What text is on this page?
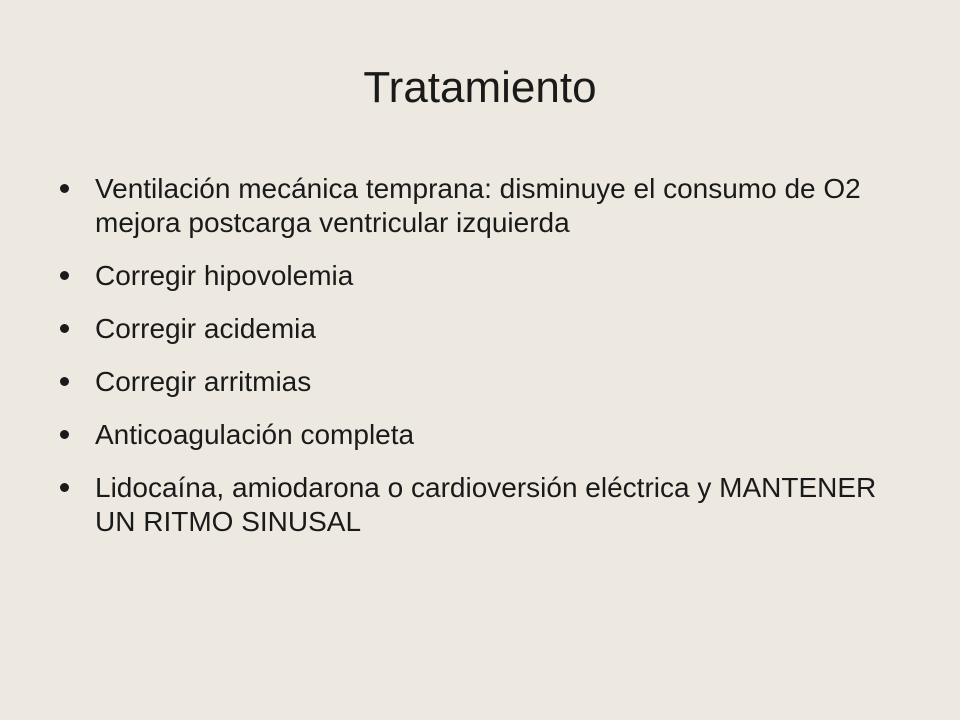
Tratamiento
Ventilación mecánica temprana: disminuye el consumo de O2 mejora postcarga ventricular izquierda
Corregir hipovolemia
Corregir acidemia
Corregir arritmias
Anticoagulación completa
Lidocaína, amiodarona o cardioversión eléctrica y MANTENER UN RITMO SINUSAL
